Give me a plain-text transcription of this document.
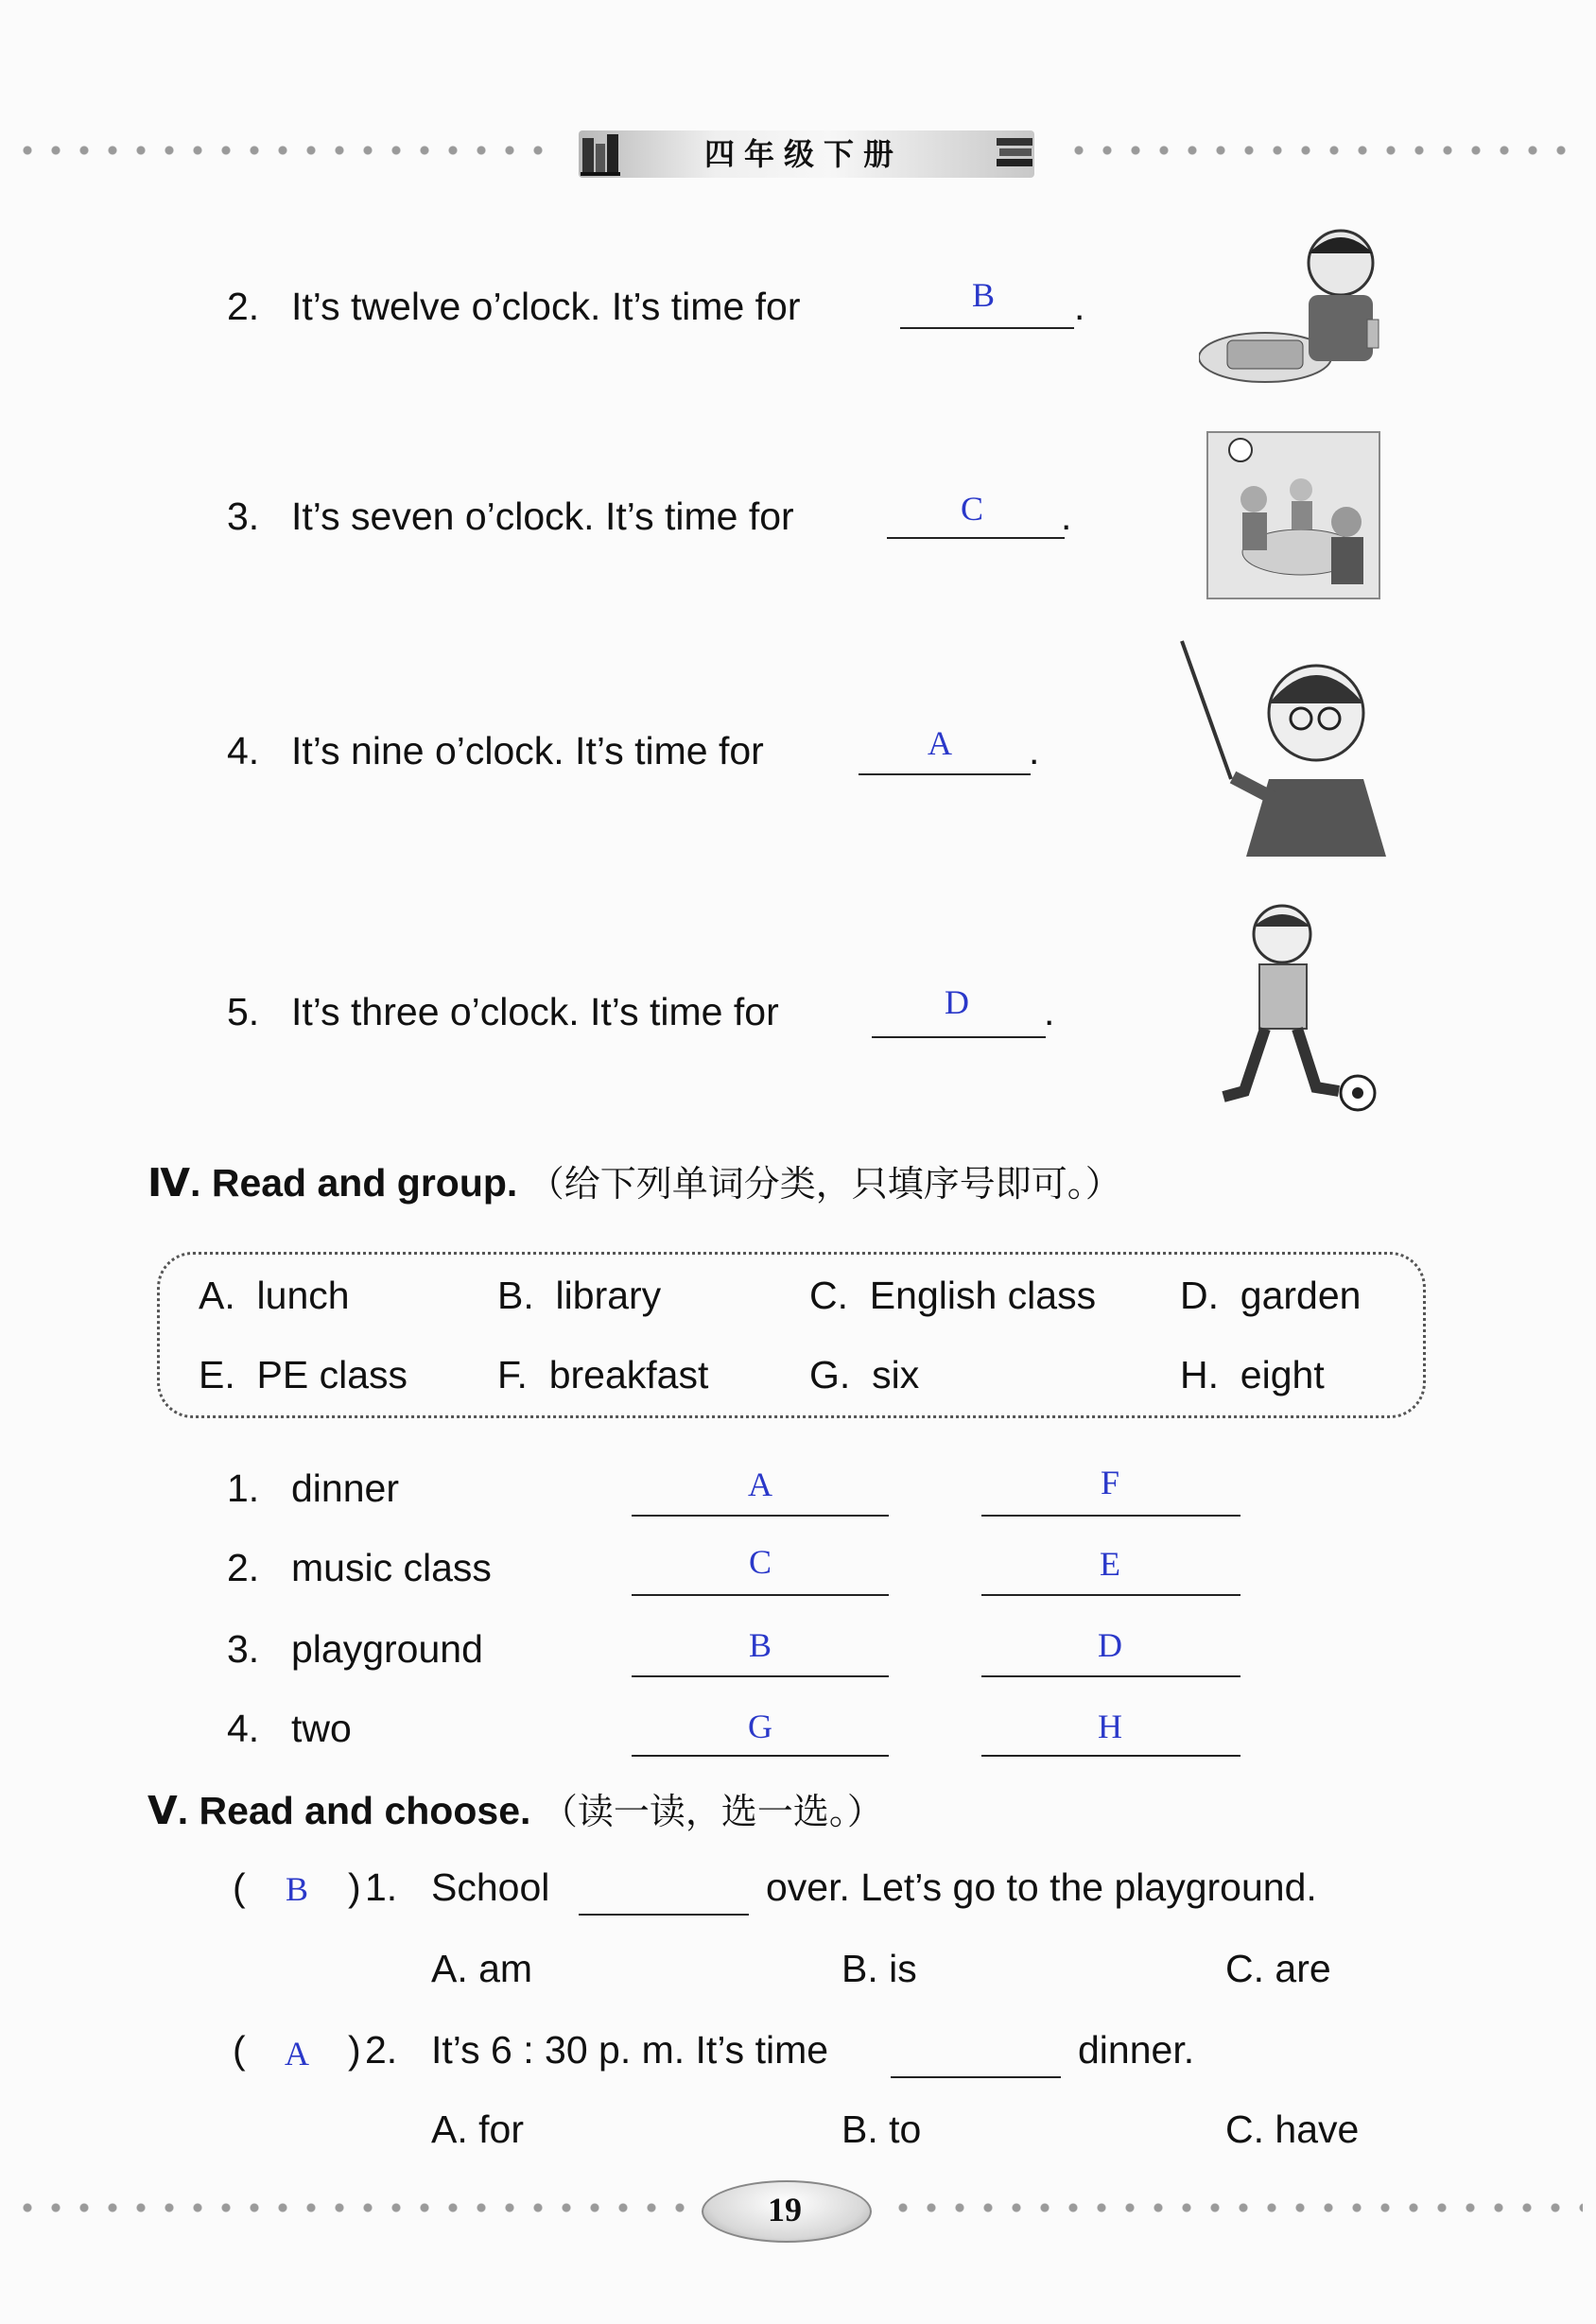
四年级下册
2. It’s twelve o’clock. It’s time for	B	.
3. It’s seven o’clock. It’s time for	C	.
4. It’s nine o’clock. It’s time for	A	.
5. It’s three o’clock. It’s time for	D	.
Ⅳ. Read and group. （给下列单词分类，只填序号即可。）
A. lunch	B. library	C. English class D. garden
E. PE class F. breakfast	G. six	H. eight
1. dinner	A	F
2. music class	C	E
3. playground	B	D
4. two	G	H
Ⅴ. Read and choose. （读一读，选一选。）
(	B	) 1. School	over. Let’s go to the playground.
A. am	B. is	C. are
(	A	) 2. It’s 6 : 30 p. m. It’s time	dinner.
A. for	B. to	C. have
19
